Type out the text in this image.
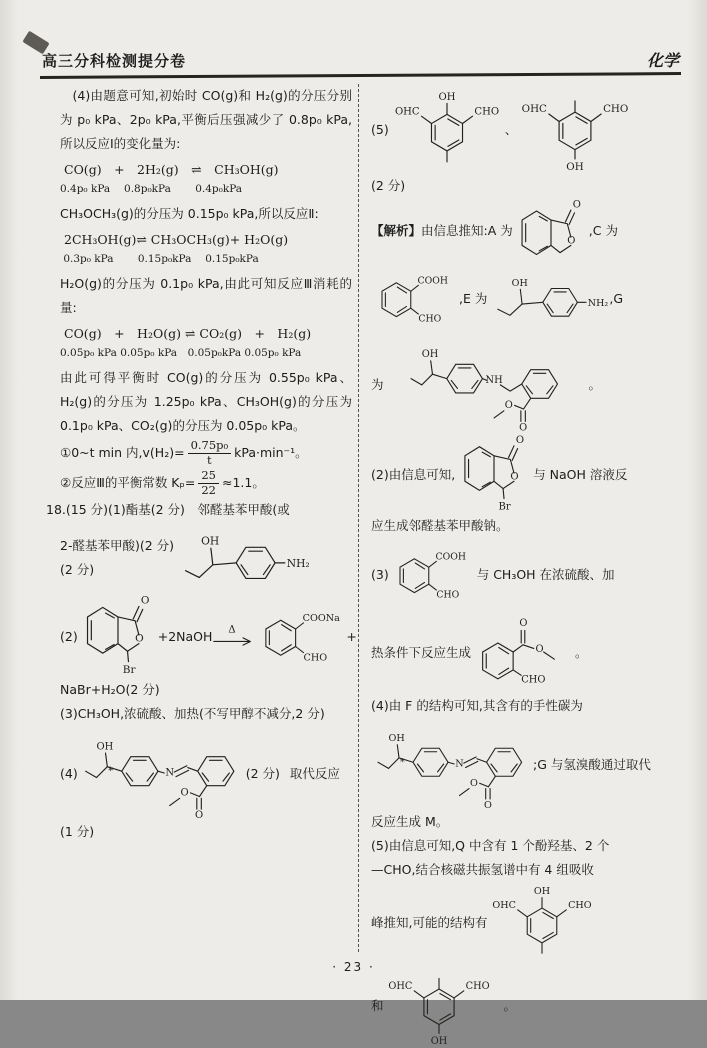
高三分科检测提分卷	化学

(4)由题意可知,初始时 CO(g)和 H₂(g)的分压分别为 p₀ kPa、2p₀ kPa,平衡后压强减少了 0.8p₀ kPa,所以反应Ⅰ的变化量为:

CO(g)　+　2H₂(g)　⇌　CH₃OH(g)
0.4p₀ kPa　 0.8p₀kPa　　 0.4p₀kPa

CH₃OCH₃(g)的分压为 0.15p₀ kPa,所以反应Ⅱ:

2CH₃OH(g)⇌ CH₃OCH₃(g)+ H₂O(g)
0.3p₀ kPa　　 0.15p₀kPa　 0.15p₀kPa

H₂O(g)的分压为 0.1p₀ kPa,由此可知反应Ⅲ消耗的量:

CO(g)　+　H₂O(g) ⇌ CO₂(g)　+　H₂(g)
0.05p₀ kPa 0.05p₀ kPa　0.05p₀kPa 0.05p₀ kPa

由此可得平衡时 CO(g)的分压为 0.55p₀ kPa、H₂(g)的分压为 1.25p₀ kPa、CH₃OH(g)的分压为 0.1p₀ kPa、CO₂(g)的分压为 0.05p₀ kPa。

①0~t min 内$,v(H_2)= \frac{\text{0.75p₀}}{t} kPa\cdot\min^{-1}$。
②反应Ⅲ的平衡常数 $K_p= \frac{25}{22} \approx 1.1$。

18.(15 分)(1)酯基(2 分)　邻醛基苯甲酸(或

2-醛基苯甲酸)(2 分)

(2 分)

OH
NH₂
(2)	O
O
Br
+2NaOH Δ
COONa
CHO
+

NaBr+H₂O(2 分)

(3)CH₃OH,浓硫酸、加热(不写甲醇不减分,2 分)

(4)
OH
*	N
O
O
(2 分) 取代反应

(1 分)

(5)
OH
OHC	CHO
、
OHC	CHO
OH

(2 分)

【解析】 由信息推知:A 为
O
O
,C 为
COOH
CHO
,E 为
OH
NH₂ ,G
为
OH
NH
O
O
。
(2)由信息可知,	O
O
Br
与 NaOH 溶液反

应生成邻醛基苯甲酸钠。

(3)
COOH
CHO
与 CH₃OH 在浓硫酸、加
热条件下反应生成
O
O
CHO
。

(4)由 F 的结构可知,其含有的手性碳为

OH
*	N
O
O
;G 与氢溴酸通过取代

反应生成 M。

(5)由信息可知,Q 中含有 1 个酚羟基、2 个

—CHO,结合核磁共振氢谱中有 4 组吸收

峰推知,可能的结构有
OH
OHC	CHO
和
OHC	CHO
OH
。
· 23 ·
